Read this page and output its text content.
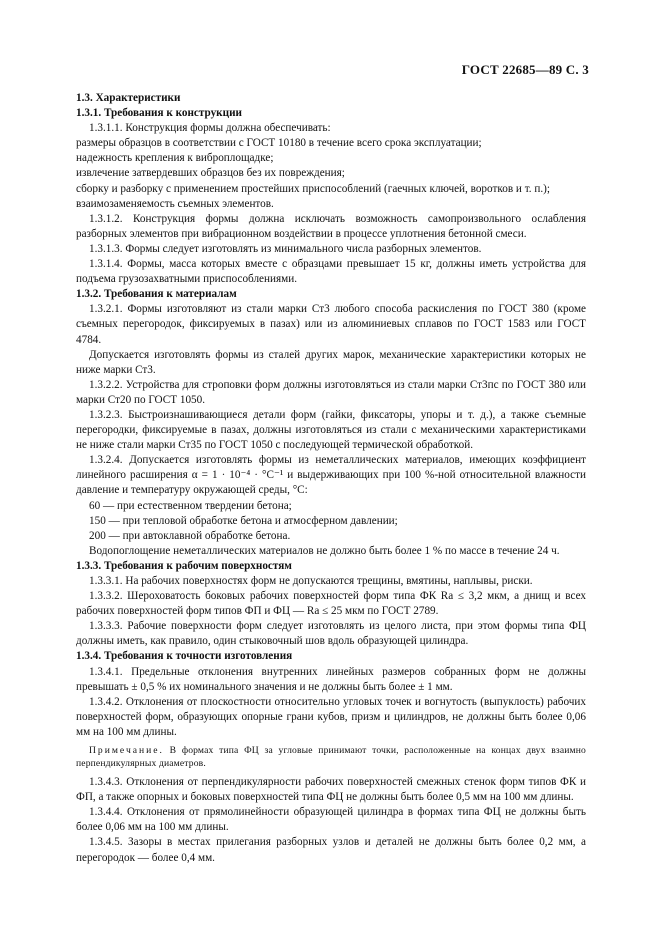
ГОСТ 22685—89 С. 3

1.3. Характеристики

1.3.1. Требования к конструкции

1.3.1.1. Конструкция формы должна обеспечивать:

размеры образцов в соответствии с ГОСТ 10180 в течение всего срока эксплуатации;

надежность крепления к виброплощадке;

извлечение затвердевших образцов без их повреждения;

сборку и разборку с применением простейших приспособлений (гаечных ключей, воротков и т. п.);

взаимозаменяемость съемных элементов.

1.3.1.2. Конструкция формы должна исключать возможность самопроизвольного ослабления разборных элементов при вибрационном воздействии в процессе уплотнения бетонной смеси.

1.3.1.3. Формы следует изготовлять из минимального числа разборных элементов.

1.3.1.4. Формы, масса которых вместе с образцами превышает 15 кг, должны иметь устройства для подъема грузозахватными приспособлениями.

1.3.2. Требования к материалам

1.3.2.1. Формы изготовляют из стали марки Ст3 любого способа раскисления по ГОСТ 380 (кроме съемных перегородок, фиксируемых в пазах) или из алюминиевых сплавов по ГОСТ 1583 или ГОСТ 4784.

Допускается изготовлять формы из сталей других марок, механические характеристики которых не ниже марки Ст3.

1.3.2.2. Устройства для строповки форм должны изготовляться из стали марки Ст3пс по ГОСТ 380 или марки Ст20 по ГОСТ 1050.

1.3.2.3. Быстроизнашивающиеся детали форм (гайки, фиксаторы, упоры и т. д.), а также съемные перегородки, фиксируемые в пазах, должны изготовляться из стали с механическими характеристиками не ниже стали марки Ст35 по ГОСТ 1050 с последующей термической обработкой.

1.3.2.4. Допускается изготовлять формы из неметаллических материалов, имеющих коэффициент линейного расширения α = 1 · 10⁻⁴ · °С⁻¹ и выдерживающих при 100 %-ной относительной влажности давление и температуру окружающей среды, °С:

60 — при естественном твердении бетона;

150 — при тепловой обработке бетона и атмосферном давлении;

200 — при автоклавной обработке бетона.

Водопоглощение неметаллических материалов не должно быть более 1 % по массе в течение 24 ч.

1.3.3. Требования к рабочим поверхностям

1.3.3.1. На рабочих поверхностях форм не допускаются трещины, вмятины, наплывы, риски.

1.3.3.2. Шероховатость боковых рабочих поверхностей форм типа ФК Ra ≤ 3,2 мкм, а днищ и всех рабочих поверхностей форм типов ФП и ФЦ — Ra ≤ 25 мкм по ГОСТ 2789.

1.3.3.3. Рабочие поверхности форм следует изготовлять из целого листа, при этом формы типа ФЦ должны иметь, как правило, один стыковочный шов вдоль образующей цилиндра.

1.3.4. Требования к точности изготовления

1.3.4.1. Предельные отклонения внутренних линейных размеров собранных форм не должны превышать ± 0,5 % их номинального значения и не должны быть более ± 1 мм.

1.3.4.2. Отклонения от плоскостности относительно угловых точек и вогнутость (выпуклость) рабочих поверхностей форм, образующих опорные грани кубов, призм и цилиндров, не должны быть более 0,06 мм на 100 мм длины.

Примечание. В формах типа ФЦ за угловые принимают точки, расположенные на концах двух взаимно перпендикулярных диаметров.

1.3.4.3. Отклонения от перпендикулярности рабочих поверхностей смежных стенок форм типов ФК и ФП, а также опорных и боковых поверхностей типа ФЦ не должны быть более 0,5 мм на 100 мм длины.

1.3.4.4. Отклонения от прямолинейности образующей цилиндра в формах типа ФЦ не должны быть более 0,06 мм на 100 мм длины.

1.3.4.5. Зазоры в местах прилегания разборных узлов и деталей не должны быть более 0,2 мм, а перегородок — более 0,4 мм.
